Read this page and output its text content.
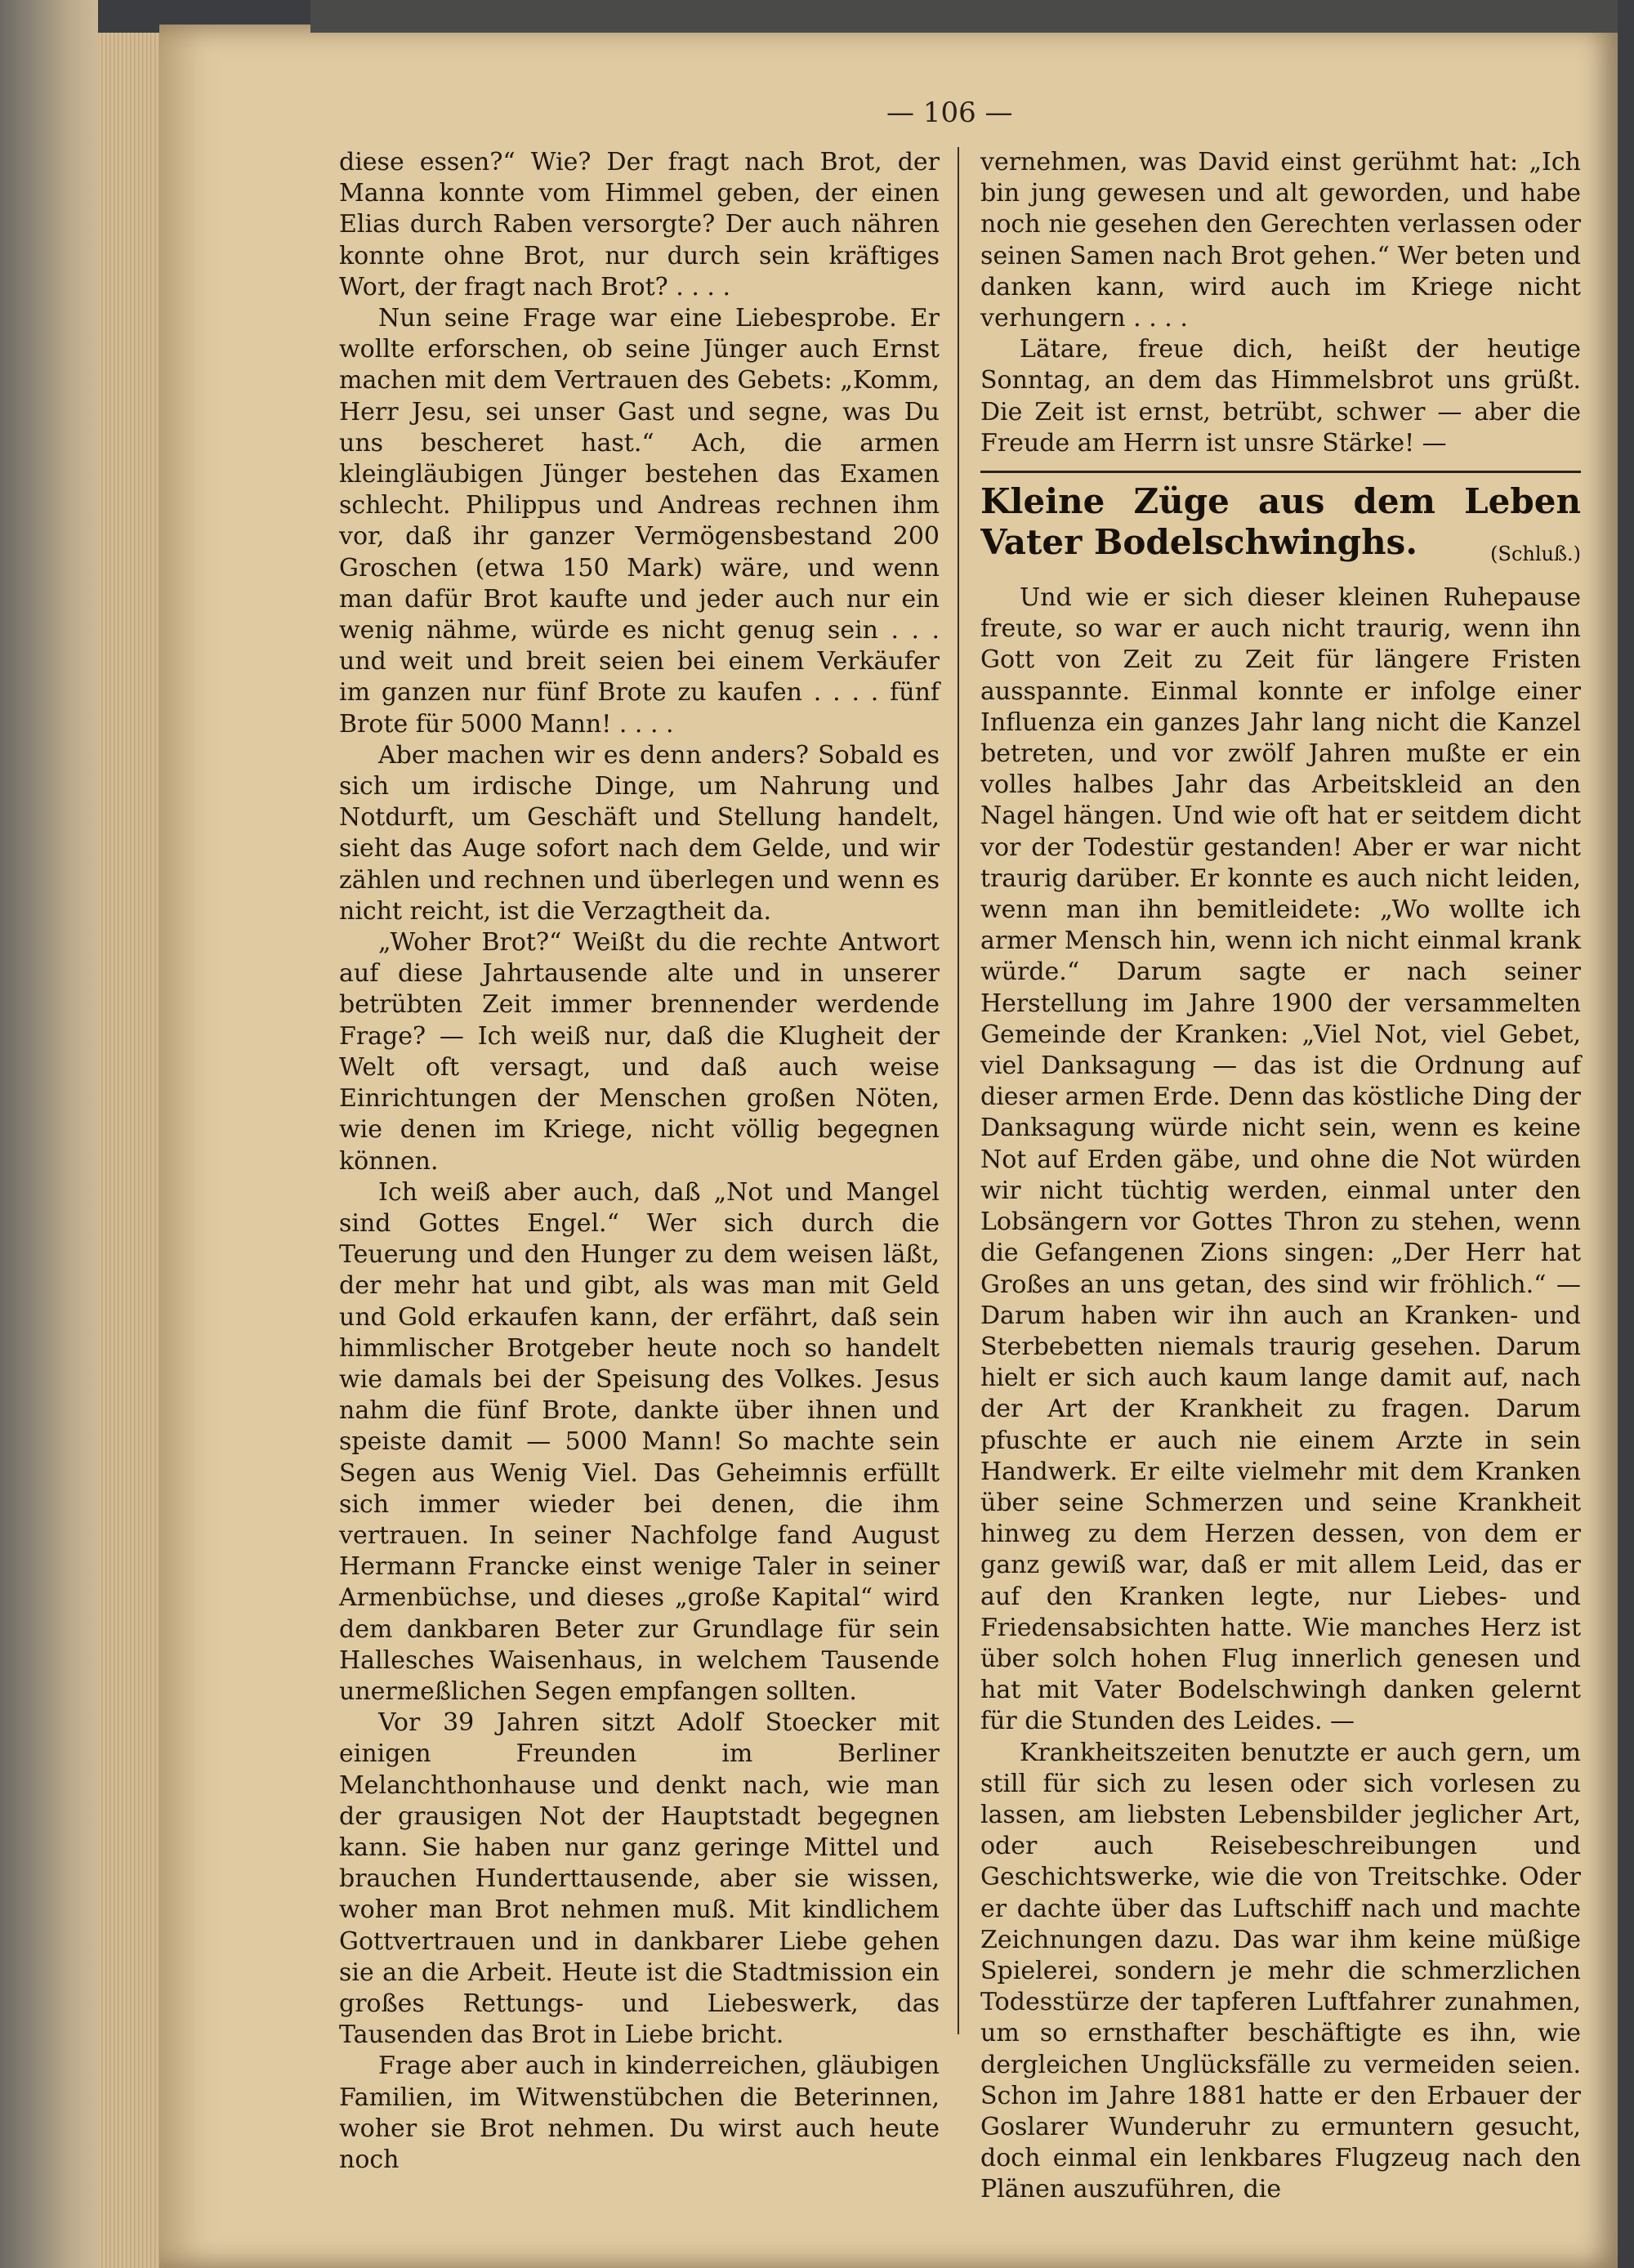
— 106 —

diese essen?“ Wie? Der fragt nach Brot, der Manna konnte vom Himmel geben, der einen Elias durch Raben versorgte? Der auch nähren konnte ohne Brot, nur durch sein kräftiges Wort, der fragt nach Brot? . . . .

Nun seine Frage war eine Liebesprobe. Er wollte erforschen, ob seine Jünger auch Ernst machen mit dem Vertrauen des Gebets: „Komm, Herr Jesu, sei unser Gast und segne, was Du uns bescheret hast.“ Ach, die armen kleingläubigen Jünger bestehen das Examen schlecht. Philippus und Andreas rechnen ihm vor, daß ihr ganzer Vermögensbestand 200 Groschen (etwa 150 Mark) wäre, und wenn man dafür Brot kaufte und jeder auch nur ein wenig nähme, würde es nicht genug sein . . . und weit und breit seien bei einem Verkäufer im ganzen nur fünf Brote zu kaufen . . . . fünf Brote für 5000 Mann! . . . .

Aber machen wir es denn anders? Sobald es sich um irdische Dinge, um Nahrung und Notdurft, um Geschäft und Stellung handelt, sieht das Auge sofort nach dem Gelde, und wir zählen und rechnen und überlegen und wenn es nicht reicht, ist die Verzagtheit da.

„Woher Brot?“ Weißt du die rechte Antwort auf diese Jahrtausende alte und in unserer betrübten Zeit immer brennender werdende Frage? — Ich weiß nur, daß die Klugheit der Welt oft versagt, und daß auch weise Einrichtungen der Menschen großen Nöten, wie denen im Kriege, nicht völlig begegnen können.

Ich weiß aber auch, daß „Not und Mangel sind Gottes Engel.“ Wer sich durch die Teuerung und den Hunger zu dem weisen läßt, der mehr hat und gibt, als was man mit Geld und Gold erkaufen kann, der erfährt, daß sein himmlischer Brotgeber heute noch so handelt wie damals bei der Speisung des Volkes. Jesus nahm die fünf Brote, dankte über ihnen und speiste damit — 5000 Mann! So machte sein Segen aus Wenig Viel. Das Geheimnis erfüllt sich immer wieder bei denen, die ihm vertrauen. In seiner Nachfolge fand August Hermann Francke einst wenige Taler in seiner Armenbüchse, und dieses „große Kapital“ wird dem dankbaren Beter zur Grundlage für sein Hallesches Waisenhaus, in welchem Tausende unermeßlichen Segen empfangen sollten.

Vor 39 Jahren sitzt Adolf Stoecker mit einigen Freunden im Berliner Melanchthonhause und denkt nach, wie man der grausigen Not der Hauptstadt begegnen kann. Sie haben nur ganz geringe Mittel und brauchen Hunderttausende, aber sie wissen, woher man Brot nehmen muß. Mit kindlichem Gottvertrauen und in dankbarer Liebe gehen sie an die Arbeit. Heute ist die Stadtmission ein großes Rettungs- und Liebeswerk, das Tausenden das Brot in Liebe bricht.

Frage aber auch in kinderreichen, gläubigen Familien, im Witwenstübchen die Beterinnen, woher sie Brot nehmen. Du wirst auch heute noch

vernehmen, was David einst gerühmt hat: „Ich bin jung gewesen und alt geworden, und habe noch nie gesehen den Gerechten verlassen oder seinen Samen nach Brot gehen.“ Wer beten und danken kann, wird auch im Kriege nicht verhungern . . . .

Lätare, freue dich, heißt der heutige Sonntag, an dem das Himmelsbrot uns grüßt. Die Zeit ist ernst, betrübt, schwer — aber die Freude am Herrn ist unsre Stärke! —

Kleine Züge aus dem Leben Vater Bodelschwinghs.	(Schluß.)

Und wie er sich dieser kleinen Ruhepause freute, so war er auch nicht traurig, wenn ihn Gott von Zeit zu Zeit für längere Fristen ausspannte. Einmal konnte er infolge einer Influenza ein ganzes Jahr lang nicht die Kanzel betreten, und vor zwölf Jahren mußte er ein volles halbes Jahr das Arbeitskleid an den Nagel hängen. Und wie oft hat er seitdem dicht vor der Todestür gestanden! Aber er war nicht traurig darüber. Er konnte es auch nicht leiden, wenn man ihn bemitleidete: „Wo wollte ich armer Mensch hin, wenn ich nicht einmal krank würde.“ Darum sagte er nach seiner Herstellung im Jahre 1900 der versammelten Gemeinde der Kranken: „Viel Not, viel Gebet, viel Danksagung — das ist die Ordnung auf dieser armen Erde. Denn das köstliche Ding der Danksagung würde nicht sein, wenn es keine Not auf Erden gäbe, und ohne die Not würden wir nicht tüchtig werden, einmal unter den Lobsängern vor Gottes Thron zu stehen, wenn die Gefangenen Zions singen: „Der Herr hat Großes an uns getan, des sind wir fröhlich.“ — Darum haben wir ihn auch an Kranken- und Sterbebetten niemals traurig gesehen. Darum hielt er sich auch kaum lange damit auf, nach der Art der Krankheit zu fragen. Darum pfuschte er auch nie einem Arzte in sein Handwerk. Er eilte vielmehr mit dem Kranken über seine Schmerzen und seine Krankheit hinweg zu dem Herzen dessen, von dem er ganz gewiß war, daß er mit allem Leid, das er auf den Kranken legte, nur Liebes- und Friedensabsichten hatte. Wie manches Herz ist über solch hohen Flug innerlich genesen und hat mit Vater Bodelschwingh danken gelernt für die Stunden des Leides. —

Krankheitszeiten benutzte er auch gern, um still für sich zu lesen oder sich vorlesen zu lassen, am liebsten Lebensbilder jeglicher Art, oder auch Reisebeschreibungen und Geschichtswerke, wie die von Treitschke. Oder er dachte über das Luftschiff nach und machte Zeichnungen dazu. Das war ihm keine müßige Spielerei, sondern je mehr die schmerzlichen Todesstürze der tapferen Luftfahrer zunahmen, um so ernsthafter beschäftigte es ihn, wie dergleichen Unglücksfälle zu vermeiden seien. Schon im Jahre 1881 hatte er den Erbauer der Goslarer Wunderuhr zu ermuntern gesucht, doch einmal ein lenkbares Flugzeug nach den Plänen auszuführen, die
